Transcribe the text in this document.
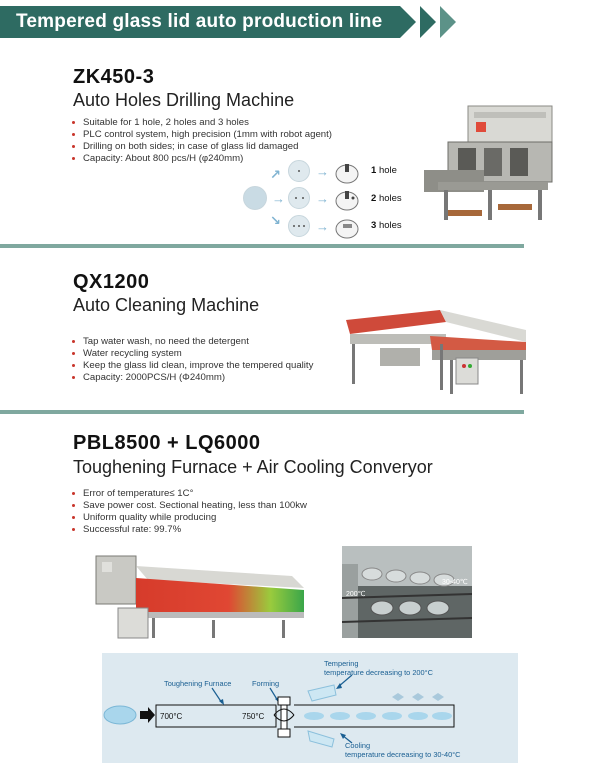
Tempered glass lid auto production line
ZK450-3
Auto Holes Drilling Machine
Suitable for 1 hole, 2 holes and 3 holes
PLC control system, high precision (1mm with robot agent)
Drilling on both sides; in case of glass lid damaged
Capacity: About 800 pcs/H (φ240mm)
↗
→
↘
→
→
→
1 hole
2 holes
3 holes
QX1200
Auto Cleaning Machine
Tap water wash, no need the detergent
Water recycling system
Keep the glass lid clean, improve the tempered quality
Capacity: 2000PCS/H (Φ240mm)
PBL8500 + LQ6000
Toughening Furnace + Air Cooling Converyor
Error of temperature≤ 1C°
Save power cost. Sectional heating, less than 100kw
Uniform quality while producing
Successful rate: 99.7%
200℃
30-40℃
Toughening Furnace	Forming
Tempering
temperature decreasing to 200°C
Cooling
temperature decreasing to 30-40°C
700°C	750°C
